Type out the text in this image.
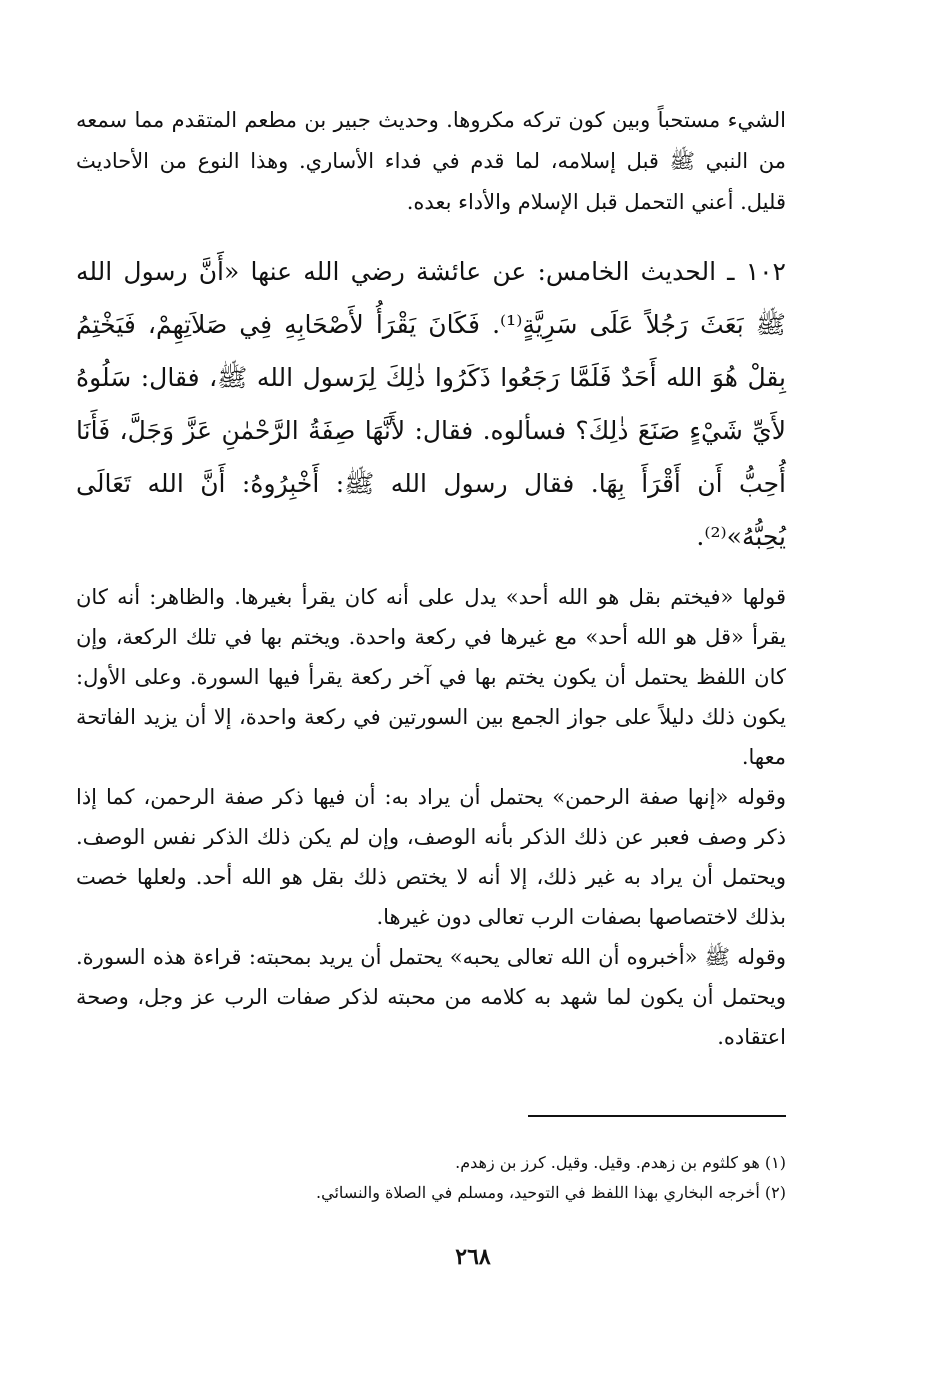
الشيء مستحباً وبين كون تركه مكروها. وحديث جبير بن مطعم المتقدم مما سمعه من النبي ﷺ قبل إسلامه، لما قدم في فداء الأساري. وهذا النوع من الأحاديث قليل. أعني التحمل قبل الإسلام والأداء بعده.

١٠٢ ـ الحديث الخامس: عن عائشة رضي الله عنها «أَنَّ رسول الله ﷺ بَعَثَ رَجُلاً عَلَى سَرِيَّةٍ⁽¹⁾. فَكَانَ يَقْرَأُ لأَصْحَابِهِ فِي صَلاَتِهِمْ، فَيَخْتِمُ بِقلْ هُوَ الله أَحَدٌ فَلَمَّا رَجَعُوا ذَكَرُوا ذٰلِكَ لِرَسول الله ﷺ، فقال: سَلُوهُ لأَيِّ شَيْءٍ صَنَعَ ذٰلِكَ؟ فسألوه. فقال: لأَنَّهَا صِفَةُ الرَّحْمٰنِ عَزَّ وَجَلَّ، فَأَنَا أُحِبُّ أَن أَقْرَأَ بِهَا. فقال رسول الله ﷺ: أَخْبِرُوهُ: أَنَّ الله تَعَالَى يُحِبُّهُ»⁽²⁾.

قولها «فيختم بقل هو الله أحد» يدل على أنه كان يقرأ بغيرها. والظاهر: أنه كان يقرأ «قل هو الله أحد» مع غيرها في ركعة واحدة. ويختم بها في تلك الركعة، وإن كان اللفظ يحتمل أن يكون يختم بها في آخر ركعة يقرأ فيها السورة. وعلى الأول: يكون ذلك دليلاً على جواز الجمع بين السورتين في ركعة واحدة، إلا أن يزيد الفاتحة معها.

وقوله «إنها صفة الرحمن» يحتمل أن يراد به: أن فيها ذكر صفة الرحمن، كما إذا ذكر وصف فعبر عن ذلك الذكر بأنه الوصف، وإن لم يكن ذلك الذكر نفس الوصف. ويحتمل أن يراد به غير ذلك، إلا أنه لا يختص ذلك بقل هو الله أحد. ولعلها خصت بذلك لاختصاصها بصفات الرب تعالى دون غيرها.

وقوله ﷺ «أخبروه أن الله تعالى يحبه» يحتمل أن يريد بمحبته: قراءة هذه السورة. ويحتمل أن يكون لما شهد به كلامه من محبته لذكر صفات الرب عز وجل، وصحة اعتقاده.

(١) هو كلثوم بن زهدم. وقيل. وقيل. كرز بن زهدم.

(٢) أخرجه البخاري بهذا اللفظ في التوحيد، ومسلم في الصلاة والنسائي.

٢٦٨
